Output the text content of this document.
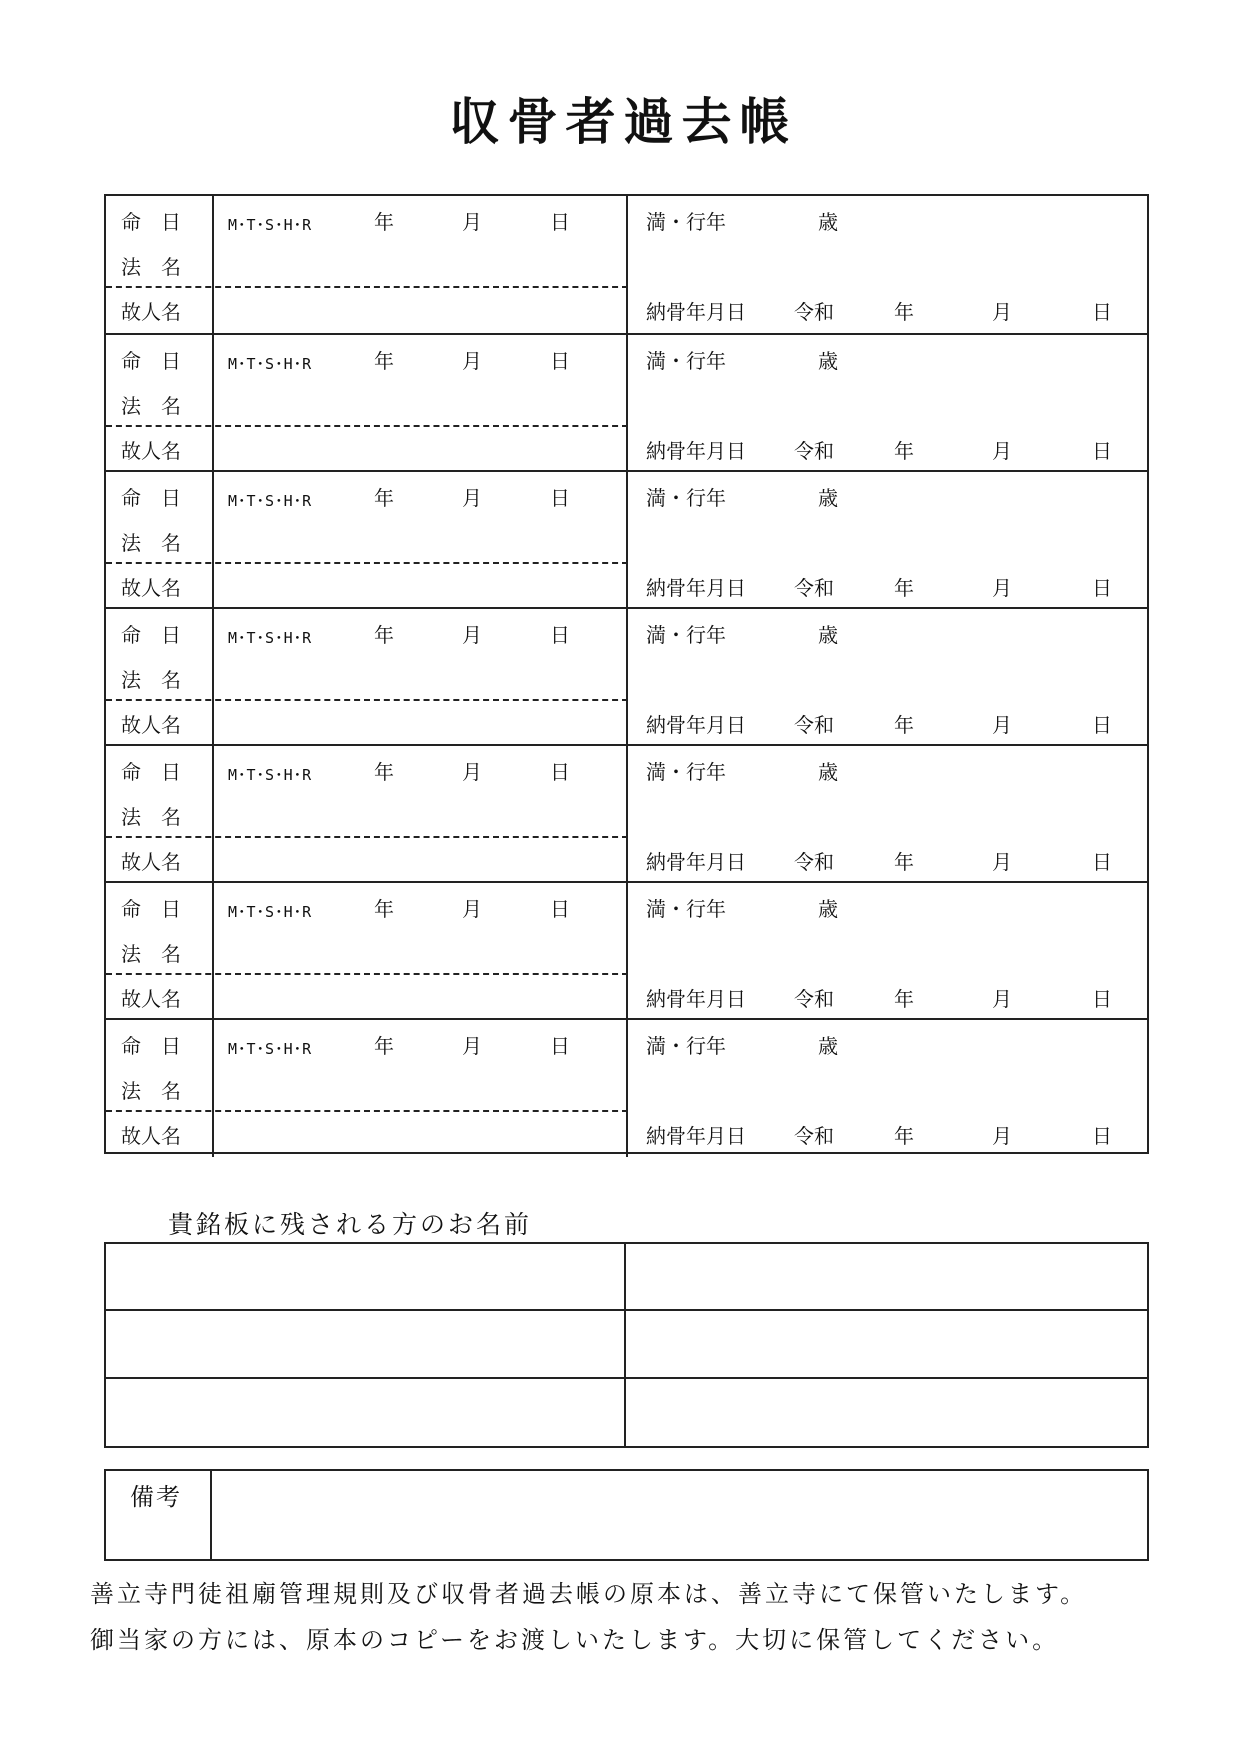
収骨者過去帳
命　日	M･T･S･H･R	年	月	日	満・行年	歳
法　名
故人名	納骨年月日 令和	年	月	日
命　日	M･T･S･H･R	年	月	日	満・行年	歳
法　名
故人名	納骨年月日 令和	年	月	日
命　日	M･T･S･H･R	年	月	日	満・行年	歳
法　名
故人名	納骨年月日 令和	年	月	日
命　日	M･T･S･H･R	年	月	日	満・行年	歳
法　名
故人名	納骨年月日 令和	年	月	日
命　日	M･T･S･H･R	年	月	日	満・行年	歳
法　名
故人名	納骨年月日 令和	年	月	日
命　日	M･T･S･H･R	年	月	日	満・行年	歳
法　名
故人名	納骨年月日 令和	年	月	日
命　日	M･T･S･H･R	年	月	日	満・行年	歳
法　名
故人名	納骨年月日 令和	年	月	日
貴銘板に残される方のお名前
備考
善立寺門徒祖廟管理規則及び収骨者過去帳の原本は、善立寺にて保管いたします。
御当家の方には、原本のコピーをお渡しいたします。大切に保管してください。
